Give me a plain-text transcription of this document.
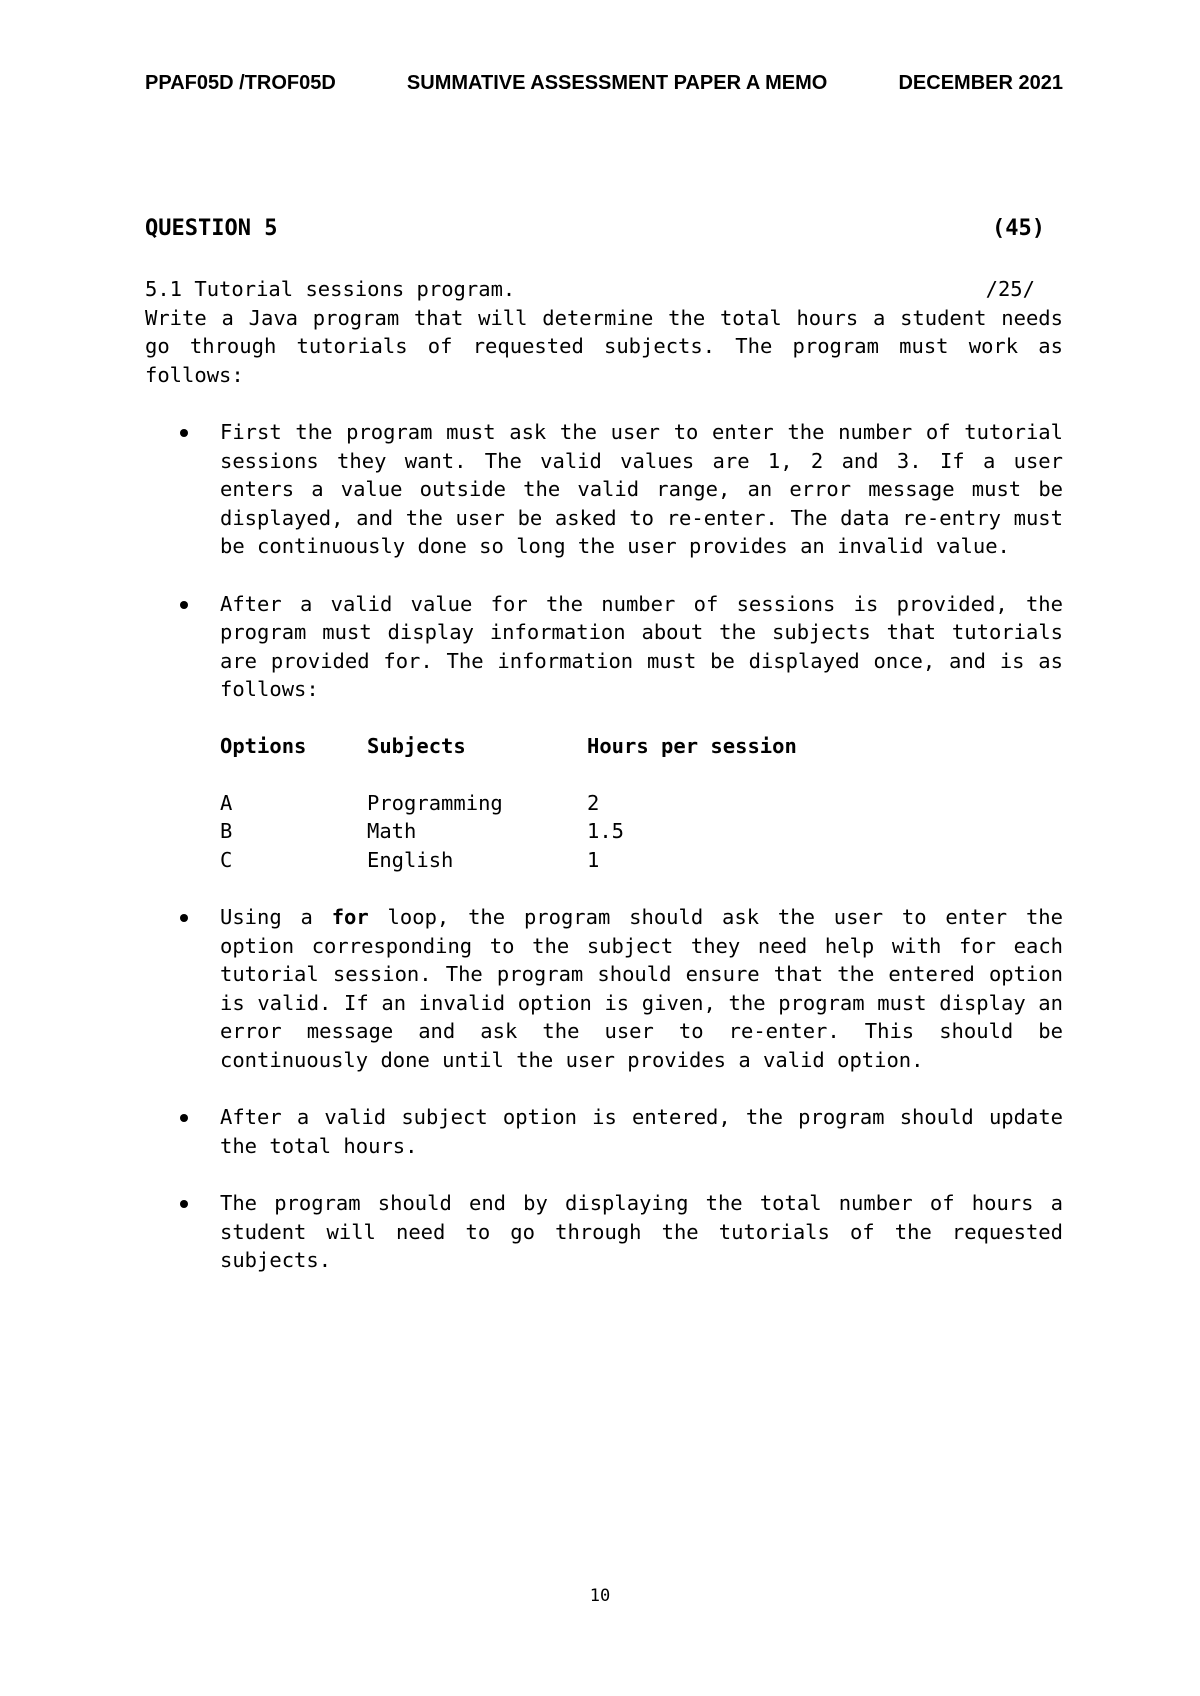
PPAF05D /TROF05D	SUMMATIVE ASSESSMENT PAPER A MEMO	DECEMBER 2021
QUESTION 5	(45)
5.1 Tutorial sessions program.	/25/

Write a Java program that will determine the total hours a student needs go through tutorials of requested subjects. The program must work as follows:

First the program must ask the user to enter the number of tutorial sessions they want. The valid values are 1, 2 and 3. If a user enters a value outside the valid range, an error message must be displayed, and the user be asked to re-enter. The data re-entry must be continuously done so long the user provides an invalid value.
After a valid value for the number of sessions is provided, the program must display information about the subjects that tutorials are provided for. The information must be displayed once, and is as follows:
Options	Subjects	Hours per session
A	Programming	2
B	Math	1.5
C	English	1
Using a for loop, the program should ask the user to enter the option corresponding to the subject they need help with for each tutorial session. The program should ensure that the entered option is valid. If an invalid option is given, the program must display an error message and ask the user to re-enter. This should be continuously done until the user provides a valid option.
After a valid subject option is entered, the program should update the total hours.
The program should end by displaying the total number of hours a student will need to go through the tutorials of the requested subjects.
10
